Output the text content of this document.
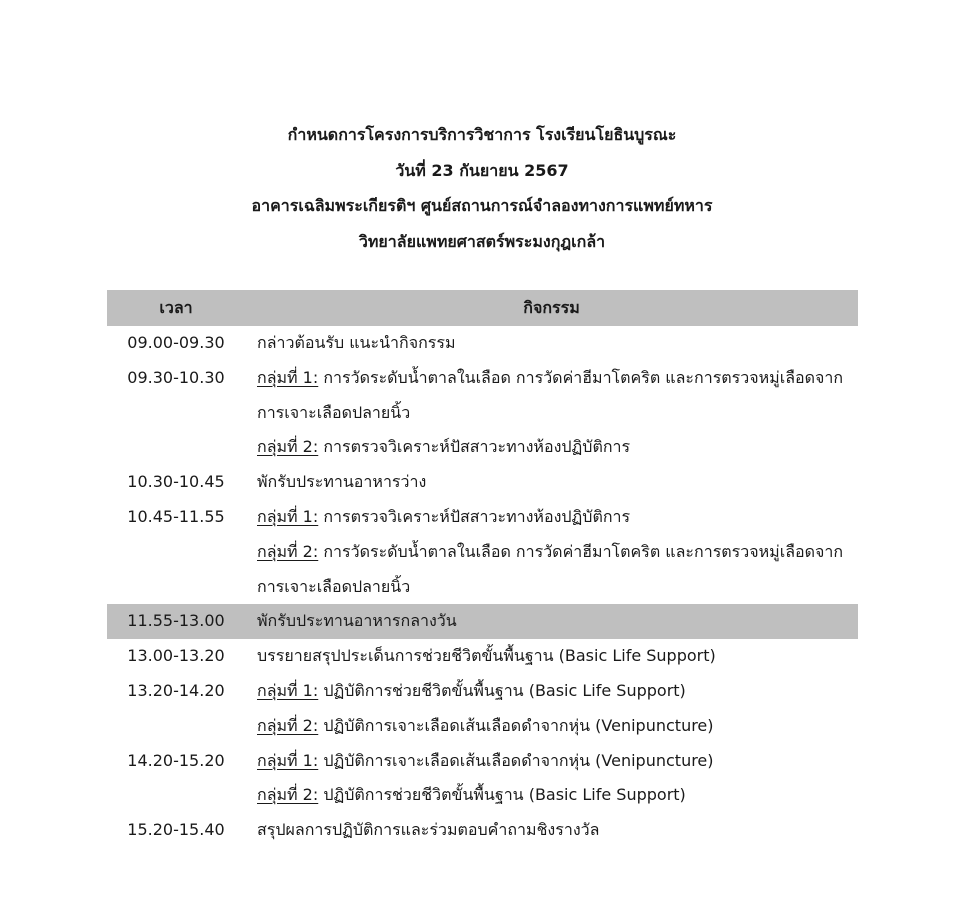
กำหนดการโครงการบริการวิชาการ โรงเรียนโยธินบูรณะ
วันที่ 23 กันยายน 2567
อาคารเฉลิมพระเกียรติฯ ศูนย์สถานการณ์จำลองทางการแพทย์ทหาร
วิทยาลัยแพทยศาสตร์พระมงกุฎเกล้า
เวลา	กิจกรรม
09.00-09.30	กล่าวต้อนรับ แนะนำกิจกรรม
09.30-10.30	กลุ่มที่ 1: การวัดระดับน้ำตาลในเลือด การวัดค่าฮีมาโตคริต และการตรวจหมู่เลือดจาก
การเจาะเลือดปลายนิ้ว
กลุ่มที่ 2: การตรวจวิเคราะห์ปัสสาวะทางห้องปฏิบัติการ
10.30-10.45	พักรับประทานอาหารว่าง
10.45-11.55	กลุ่มที่ 1: การตรวจวิเคราะห์ปัสสาวะทางห้องปฏิบัติการ
กลุ่มที่ 2: การวัดระดับน้ำตาลในเลือด การวัดค่าฮีมาโตคริต และการตรวจหมู่เลือดจาก
การเจาะเลือดปลายนิ้ว
11.55-13.00	พักรับประทานอาหารกลางวัน
13.00-13.20	บรรยายสรุปประเด็นการช่วยชีวิตขั้นพื้นฐาน (Basic Life Support)
13.20-14.20	กลุ่มที่ 1: ปฏิบัติการช่วยชีวิตขั้นพื้นฐาน (Basic Life Support)
กลุ่มที่ 2: ปฏิบัติการเจาะเลือดเส้นเลือดดำจากหุ่น (Venipuncture)
14.20-15.20	กลุ่มที่ 1: ปฏิบัติการเจาะเลือดเส้นเลือดดำจากหุ่น (Venipuncture)
กลุ่มที่ 2: ปฏิบัติการช่วยชีวิตขั้นพื้นฐาน (Basic Life Support)
15.20-15.40	สรุปผลการปฏิบัติการและร่วมตอบคำถามชิงรางวัล
